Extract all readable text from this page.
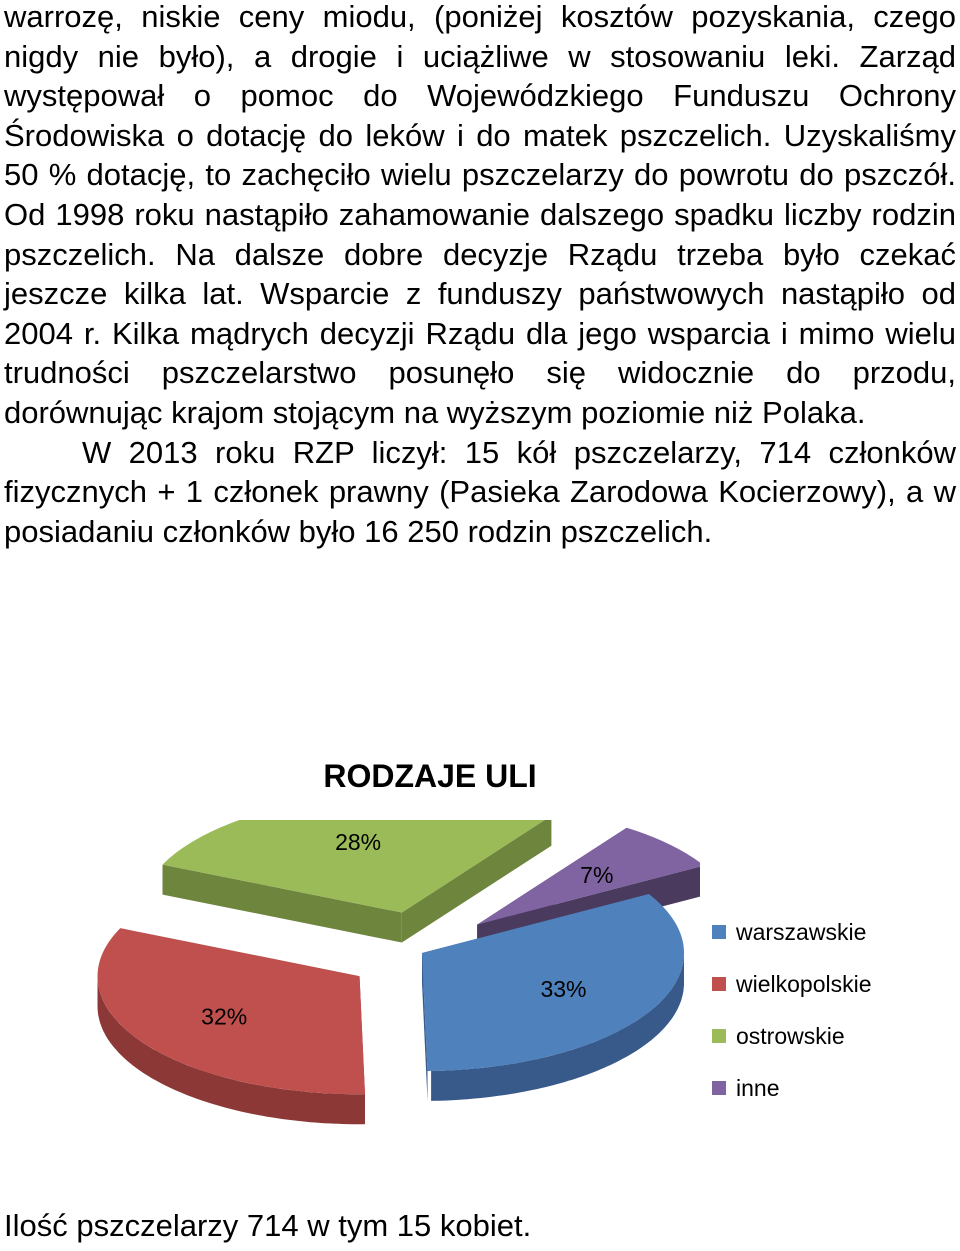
warrozę, niskie ceny miodu, (poniżej kosztów pozyskania, czego nigdy nie było), a drogie i uciążliwe w stosowaniu leki. Zarząd występował o pomoc do Wojewódzkiego Funduszu Ochrony Środowiska o dotację do leków i do matek pszczelich. Uzyskaliśmy 50 % dotację, to zachęciło wielu pszczelarzy do powrotu do pszczół. Od 1998 roku nastąpiło zahamowanie dalszego spadku liczby rodzin pszczelich. Na dalsze dobre decyzje Rządu trzeba było czekać jeszcze kilka lat. Wsparcie z funduszy państwowych nastąpiło od 2004 r. Kilka mądrych decyzji Rządu dla jego wsparcia i mimo wielu trudności pszczelarstwo posunęło się widocznie do przodu, dorównując krajom stojącym na wyższym poziomie niż Polaka.

W 2013 roku RZP liczył: 15 kół pszczelarzy, 714 członków fizycznych + 1 członek prawny (Pasieka Zarodowa Kocierzowy), a w posiadaniu członków było 16 250 rodzin pszczelich.

RODZAJE ULI
33%
32%
28%
7%
warszawskie
wielkopolskie
ostrowskie
inne

Ilość pszczelarzy 714 w tym 15 kobiet.
